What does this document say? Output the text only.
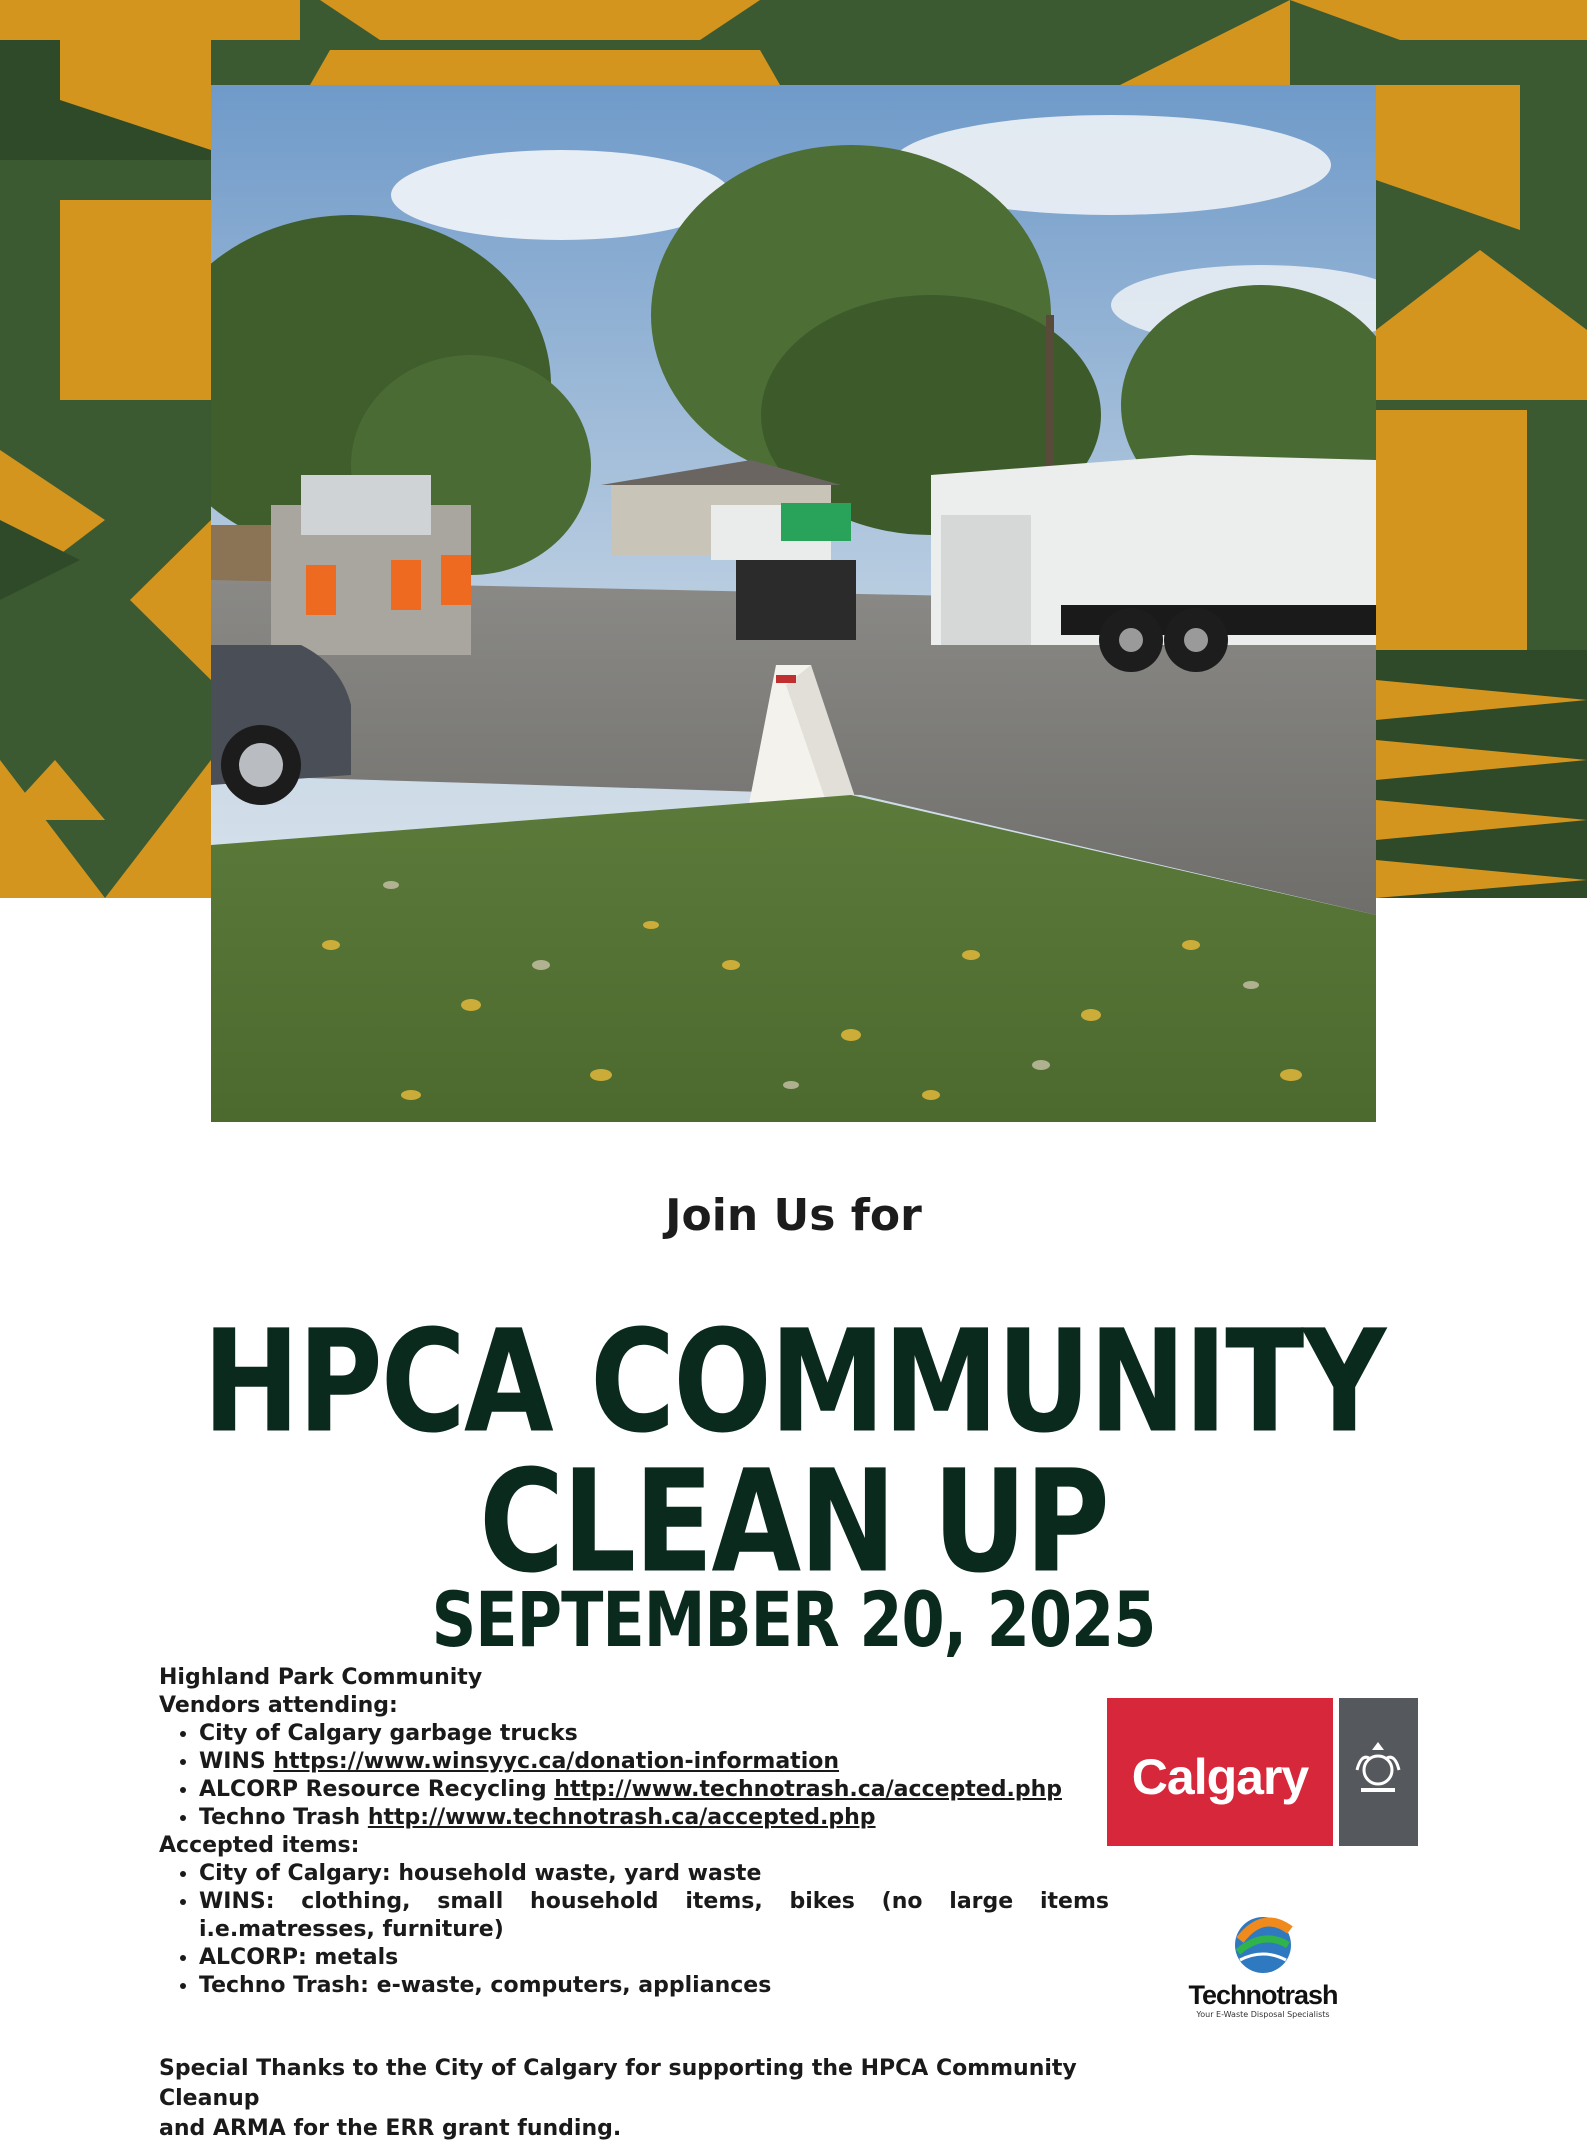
Join Us for
HPCA COMMUNITY
CLEAN UP
SEPTEMBER 20, 2025
Highland Park Community
Vendors attending:
• City of Calgary garbage trucks
• WINS https://www.winsyyc.ca/donation-information
• ALCORP Resource Recycling http://www.technotrash.ca/accepted.php
• Techno Trash http://www.technotrash.ca/accepted.php
Accepted items:
• City of Calgary: household waste, yard waste
• WINS: clothing, small household items, bikes (no large items i.e.matresses, furniture)
• ALCORP: metals
• Techno Trash: e-waste, computers, appliances
Special Thanks to the City of Calgary for supporting the HPCA Community Cleanup
and ARMA for the ERR grant funding.
Calgary
Technotrash
Your E-Waste Disposal Specialists
